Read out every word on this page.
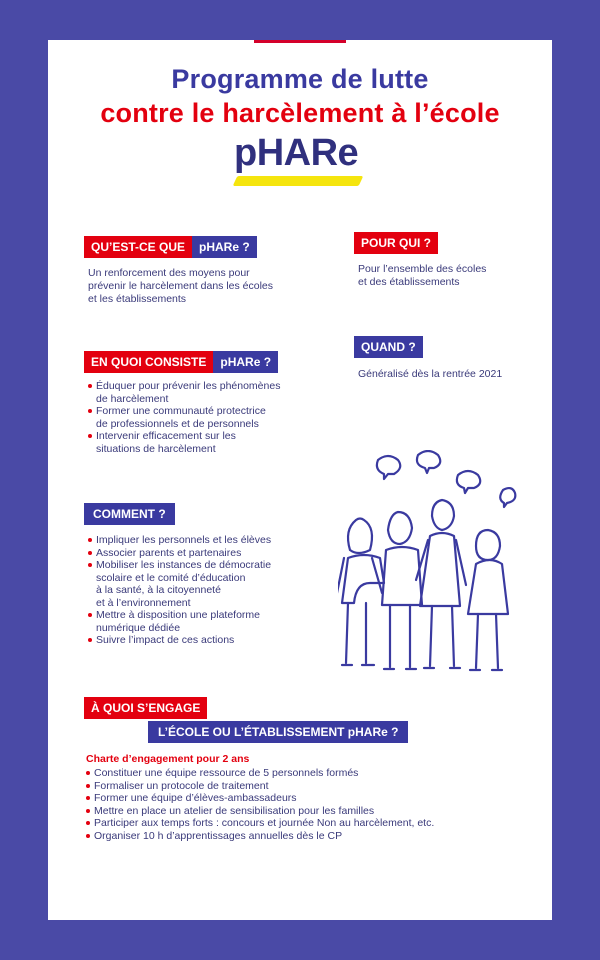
Programme de lutte
contre le harcèlement à l’école
pHARe
QU’EST-CE QUE	pHARe ?

Un renforcement des moyens pour

prévenir le harcèlement dans les écoles

et les établissements

POUR QUI ?

Pour l’ensemble des écoles

et des établissements

EN QUOI CONSISTE	pHARe ?
Éduquer pour prévenir les phénomènes
de harcèlement
Former une communauté protectrice
de professionnels et de personnels
Intervenir efficacement sur les
situations de harcèlement
QUAND ?

Généralisé dès la rentrée 2021

COMMENT ?
Impliquer les personnels et les élèves
Associer parents et partenaires
Mobiliser les instances de démocratie
scolaire et le comité d’éducation
à la santé, à la citoyenneté
et à l’environnement
Mettre à disposition une plateforme
numérique dédiée
Suivre l’impact de ces actions
À QUOI S’ENGAGE
L’ÉCOLE OU L’ÉTABLISSEMENT pHARe ?
Charte d’engagement pour 2 ans
Constituer une équipe ressource de 5 personnels formés
Formaliser un protocole de traitement
Former une équipe d’élèves-ambassadeurs
Mettre en place un atelier de sensibilisation pour les familles
Participer aux temps forts : concours et journée Non au harcèlement, etc.
Organiser 10 h d’apprentissages annuelles dès le CP
